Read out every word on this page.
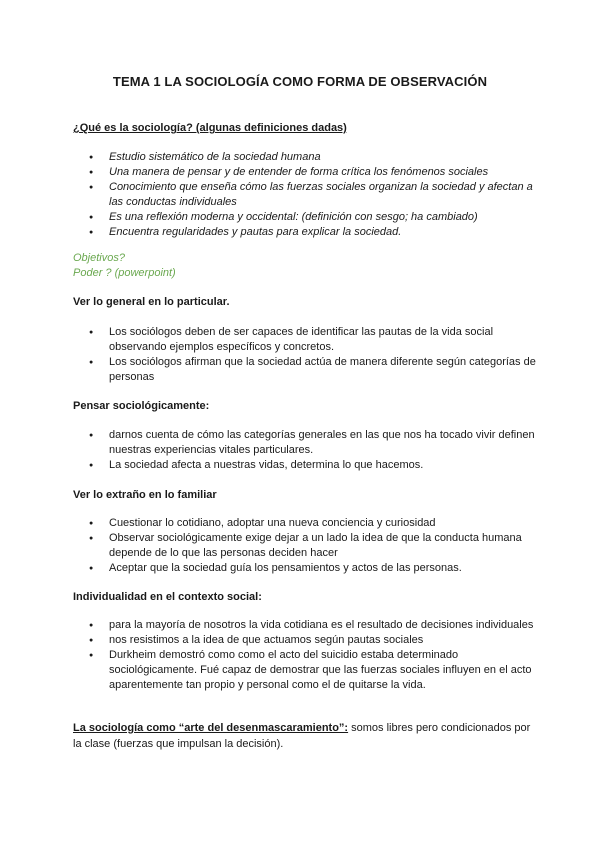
TEMA 1 LA SOCIOLOGÍA COMO FORMA DE OBSERVACIÓN
¿Qué es la sociología? (algunas definiciones dadas)
● Estudio sistemático de la sociedad humana
● Una manera de pensar y de entender de forma crítica los fenómenos sociales
● Conocimiento que enseña cómo las fuerzas sociales organizan la sociedad y afectan a las conductas individuales
● Es una reflexión moderna y occidental: (definición con sesgo; ha cambiado)
● Encuentra regularidades y pautas para explicar la sociedad.
Objetivos?
Poder ? (powerpoint)
Ver lo general en lo particular.
● Los sociólogos deben de ser capaces de identificar las pautas de la vida social observando ejemplos específicos y concretos.
● Los sociólogos afirman que la sociedad actúa de manera diferente según categorías de personas
Pensar sociológicamente:
● darnos cuenta de cómo las categorías generales en las que nos ha tocado vivir definen nuestras experiencias vitales particulares.
● La sociedad afecta a nuestras vidas, determina lo que hacemos.
Ver lo extraño en lo familiar
● Cuestionar lo cotidiano, adoptar una nueva conciencia y curiosidad
● Observar sociológicamente exige dejar a un lado la idea de que la conducta humana depende de lo que las personas deciden hacer
● Aceptar que la sociedad guía los pensamientos y actos de las personas.
Individualidad en el contexto social:
● para la mayoría de nosotros la vida cotidiana es el resultado de decisiones individuales
● nos resistimos a la idea de que actuamos según pautas sociales
● Durkheim demostró como como el acto del suicidio estaba determinado sociológicamente. Fué capaz de demostrar que las fuerzas sociales influyen en el acto aparentemente tan propio y personal como el de quitarse la vida.
La sociología como “arte del desenmascaramiento”: somos libres pero condicionados por la clase (fuerzas que impulsan la decisión).
